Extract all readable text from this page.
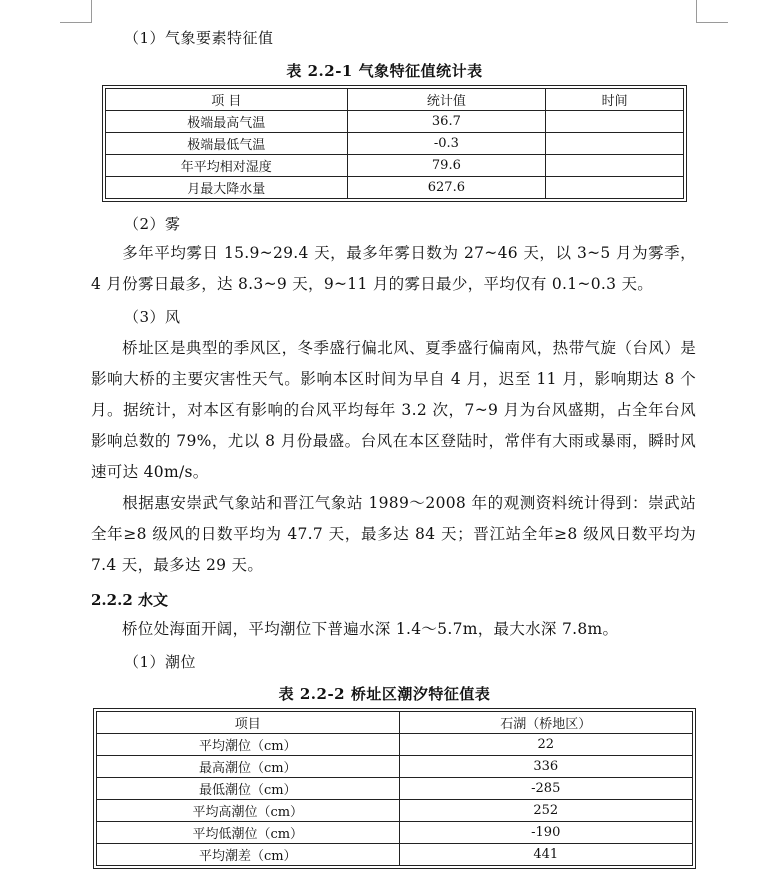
（1）气象要素特征值
表 2.2-1 气象特征值统计表
项 目	统计值	时间
极端最高气温	36.7	
极端最低气温	-0.3	
年平均相对湿度	79.6	
月最大降水量	627.6	
（2）雾
多年平均雾日 15.9~29.4 天，最多年雾日数为 27~46 天，以 3~5 月为雾季，4 月份雾日最多，达 8.3~9 天，9~11 月的雾日最少，平均仅有 0.1~0.3 天。
（3）风
桥址区是典型的季风区，冬季盛行偏北风、夏季盛行偏南风，热带气旋（台风）是影响大桥的主要灾害性天气。影响本区时间为早自 4 月，迟至 11 月，影响期达 8 个月。据统计，对本区有影响的台风平均每年 3.2 次，7~9 月为台风盛期，占全年台风影响总数的 79%，尤以 8 月份最盛。台风在本区登陆时，常伴有大雨或暴雨，瞬时风速可达 40m/s。
根据惠安崇武气象站和晋江气象站 1989～2008 年的观测资料统计得到：崇武站全年≥8 级风的日数平均为 47.7 天，最多达 84 天；晋江站全年≥8 级风日数平均为 7.4 天，最多达 29 天。
2.2.2 水文
桥位处海面开阔，平均潮位下普遍水深 1.4～5.7m，最大水深 7.8m。
（1）潮位
表 2.2-2 桥址区潮汐特征值表
项目	石湖（桥地区）
平均潮位（cm）	22
最高潮位（cm）	336
最低潮位（cm）	-285
平均高潮位（cm）	252
平均低潮位（cm）	-190
平均潮差（cm）	441
